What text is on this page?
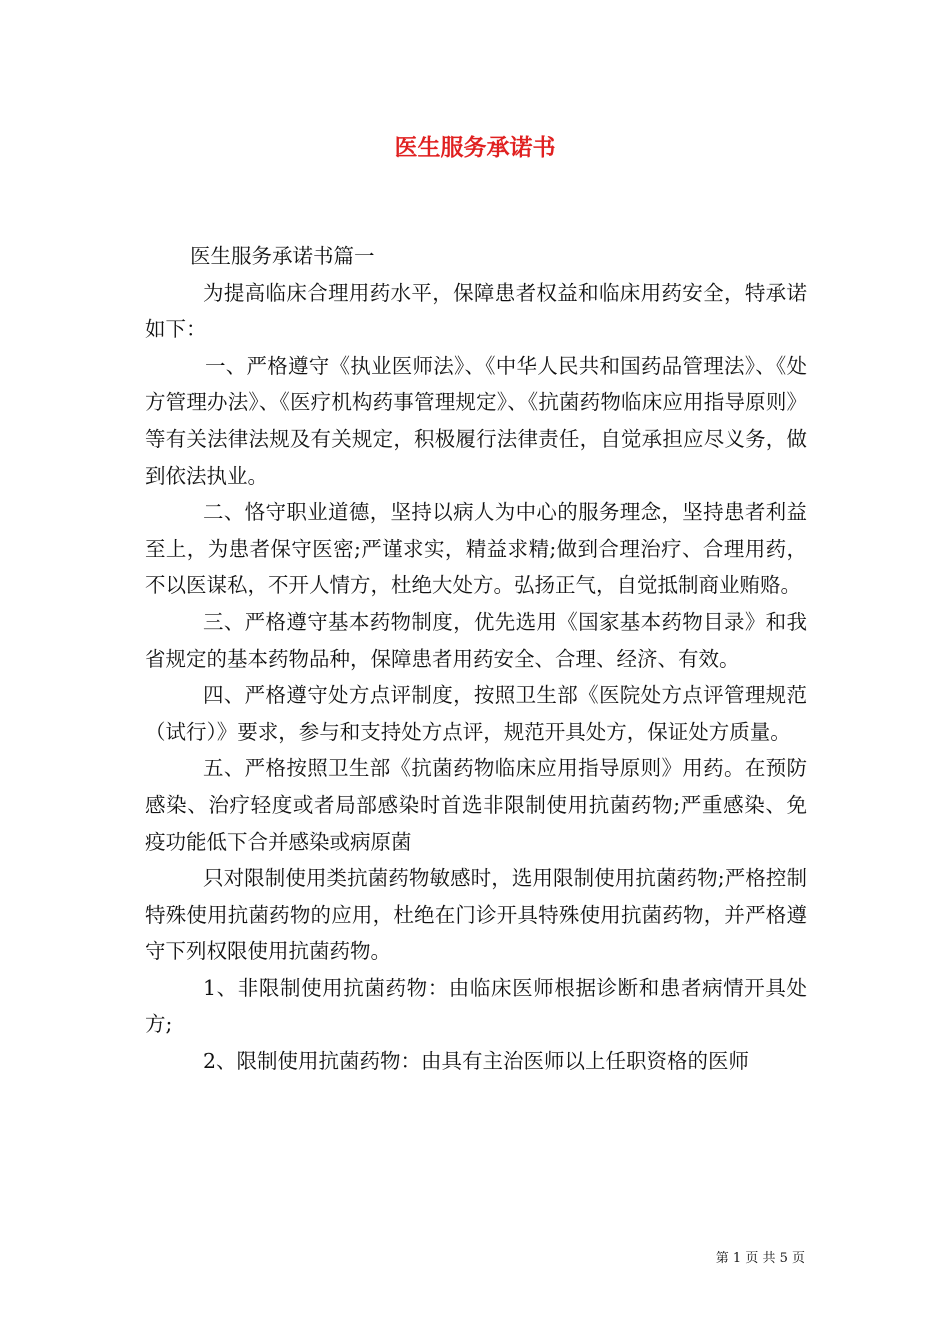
医生服务承诺书

医生服务承诺书篇一

为提高临床合理用药水平，保障患者权益和临床用药安全，特承诺如下：

一、严格遵守《执业医师法》、《中华人民共和国药品管理法》、《处方管理办法》、《医疗机构药事管理规定》、《抗菌药物临床应用指导原则》等有关法律法规及有关规定，积极履行法律责任，自觉承担应尽义务，做到依法执业。

二、恪守职业道德，坚持以病人为中心的服务理念，坚持患者利益至上，为患者保守医密;严谨求实，精益求精;做到合理治疗、合理用药，不以医谋私，不开人情方，杜绝大处方。弘扬正气，自觉抵制商业贿赂。

三、严格遵守基本药物制度，优先选用《国家基本药物目录》和我省规定的基本药物品种，保障患者用药安全、合理、经济、有效。

四、严格遵守处方点评制度，按照卫生部《医院处方点评管理规范（试行）》要求，参与和支持处方点评，规范开具处方，保证处方质量。

五、严格按照卫生部《抗菌药物临床应用指导原则》用药。在预防感染、治疗轻度或者局部感染时首选非限制使用抗菌药物;严重感染、免疫功能低下合并感染或病原菌

只对限制使用类抗菌药物敏感时，选用限制使用抗菌药物;严格控制特殊使用抗菌药物的应用，杜绝在门诊开具特殊使用抗菌药物，并严格遵守下列权限使用抗菌药物。

1、非限制使用抗菌药物：由临床医师根据诊断和患者病情开具处方;

2、限制使用抗菌药物：由具有主治医师以上任职资格的医师

第 1 页 共 5 页
